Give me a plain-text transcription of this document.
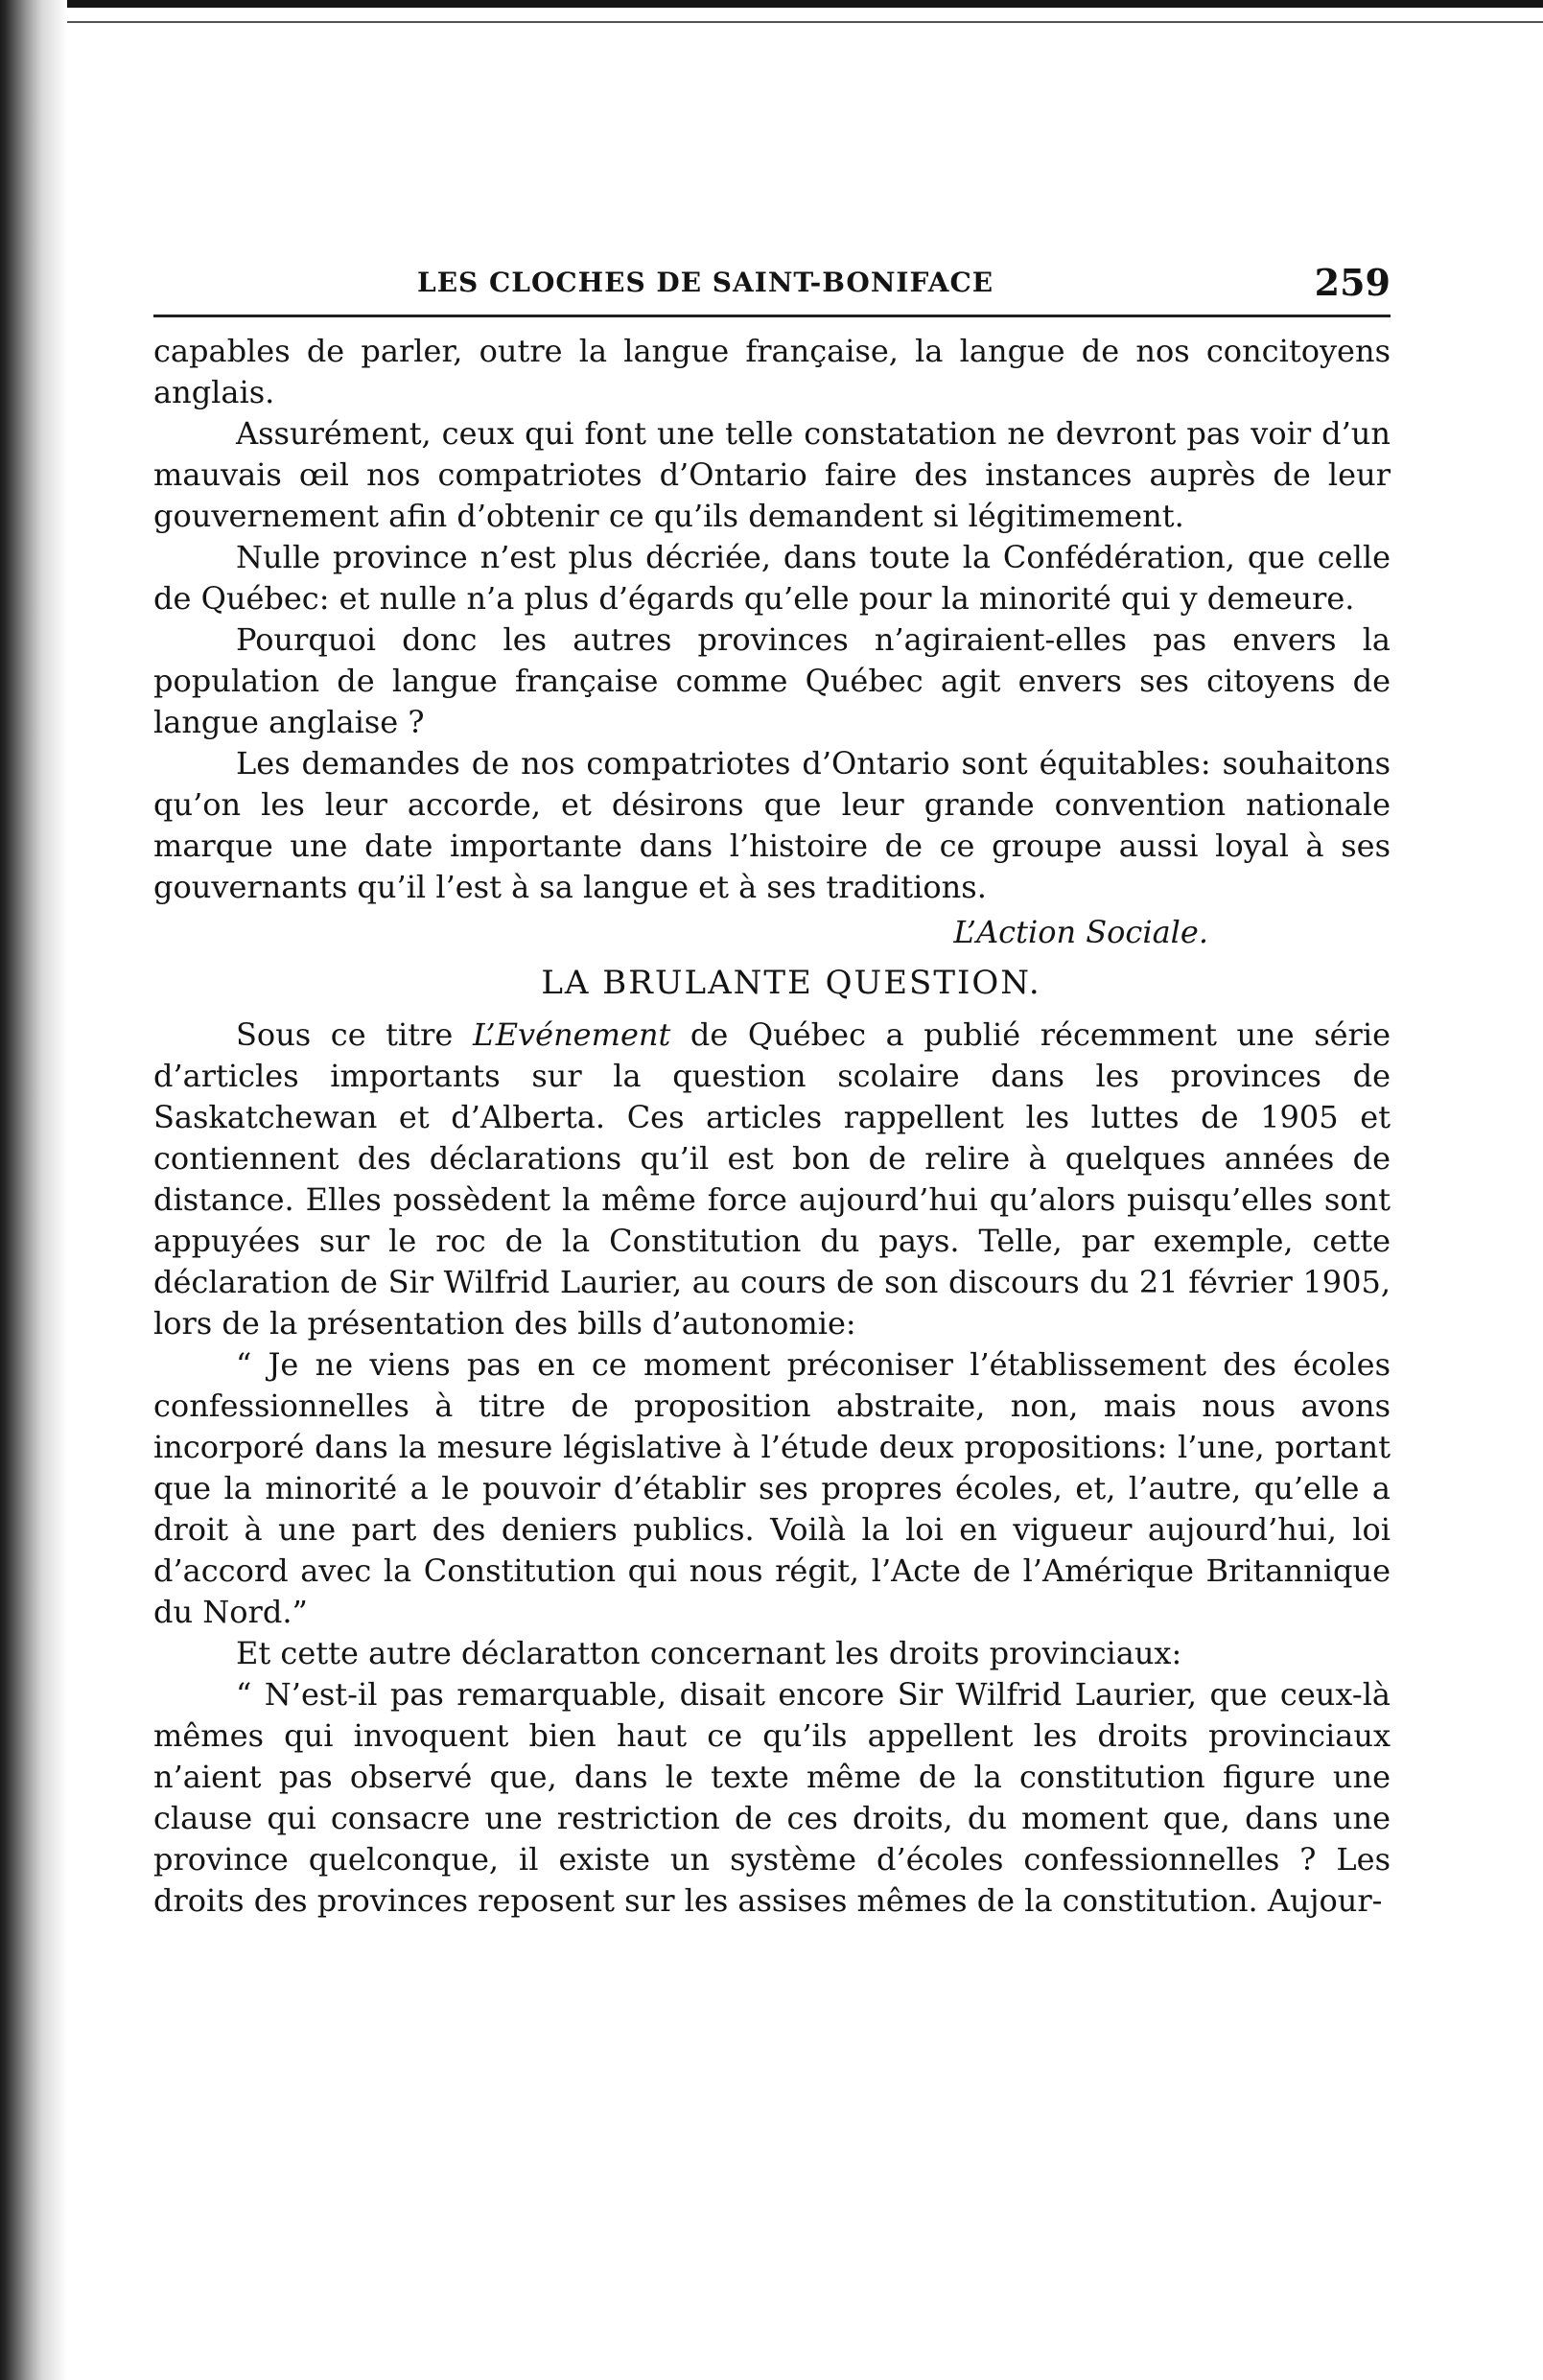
LES CLOCHES DE SAINT-BONIFACE	259

capables de parler, outre la langue française, la langue de nos concitoyens anglais.

Assurément, ceux qui font une telle constatation ne devront pas voir d’un mauvais œil nos compatriotes d’Ontario faire des instances auprès de leur gouvernement afin d’obtenir ce qu’ils demandent si légitimement.

Nulle province n’est plus décriée, dans toute la Confédération, que celle de Québec: et nulle n’a plus d’égards qu’elle pour la minorité qui y demeure.

Pourquoi donc les autres provinces n’agiraient-elles pas envers la population de langue française comme Québec agit envers ses citoyens de langue anglaise ?

Les demandes de nos compatriotes d’Ontario sont équitables: souhaitons qu’on les leur accorde, et désirons que leur grande convention nationale marque une date importante dans l’histoire de ce groupe aussi loyal à ses gouvernants qu’il l’est à sa langue et à ses traditions.

L’Action Sociale.
LA BRULANTE QUESTION.

Sous ce titre L’Evénement de Québec a publié récemment une série d’articles importants sur la question scolaire dans les provinces de Saskatchewan et d’Alberta. Ces articles rappellent les luttes de 1905 et contiennent des déclarations qu’il est bon de relire à quelques années de distance. Elles possèdent la même force aujourd’hui qu’alors puisqu’elles sont appuyées sur le roc de la Constitution du pays. Telle, par exemple, cette déclaration de Sir Wilfrid Laurier, au cours de son discours du 21 février 1905, lors de la présentation des bills d’autonomie:

“ Je ne viens pas en ce moment préconiser l’établissement des écoles confessionnelles à titre de proposition abstraite, non, mais nous avons incorporé dans la mesure législative à l’étude deux propositions: l’une, portant que la minorité a le pouvoir d’établir ses propres écoles, et, l’autre, qu’elle a droit à une part des deniers publics. Voilà la loi en vigueur aujourd’hui, loi d’accord avec la Constitution qui nous régit, l’Acte de l’Amérique Britannique du Nord.”

Et cette autre déclaratton concernant les droits provinciaux:

“ N’est-il pas remarquable, disait encore Sir Wilfrid Laurier, que ceux-là mêmes qui invoquent bien haut ce qu’ils appellent les droits provinciaux n’aient pas observé que, dans le texte même de la constitution figure une clause qui consacre une restriction de ces droits, du moment que, dans une province quelconque, il existe un système d’écoles confessionnelles ? Les droits des provinces reposent sur les assises mêmes de la constitution. Aujour-
